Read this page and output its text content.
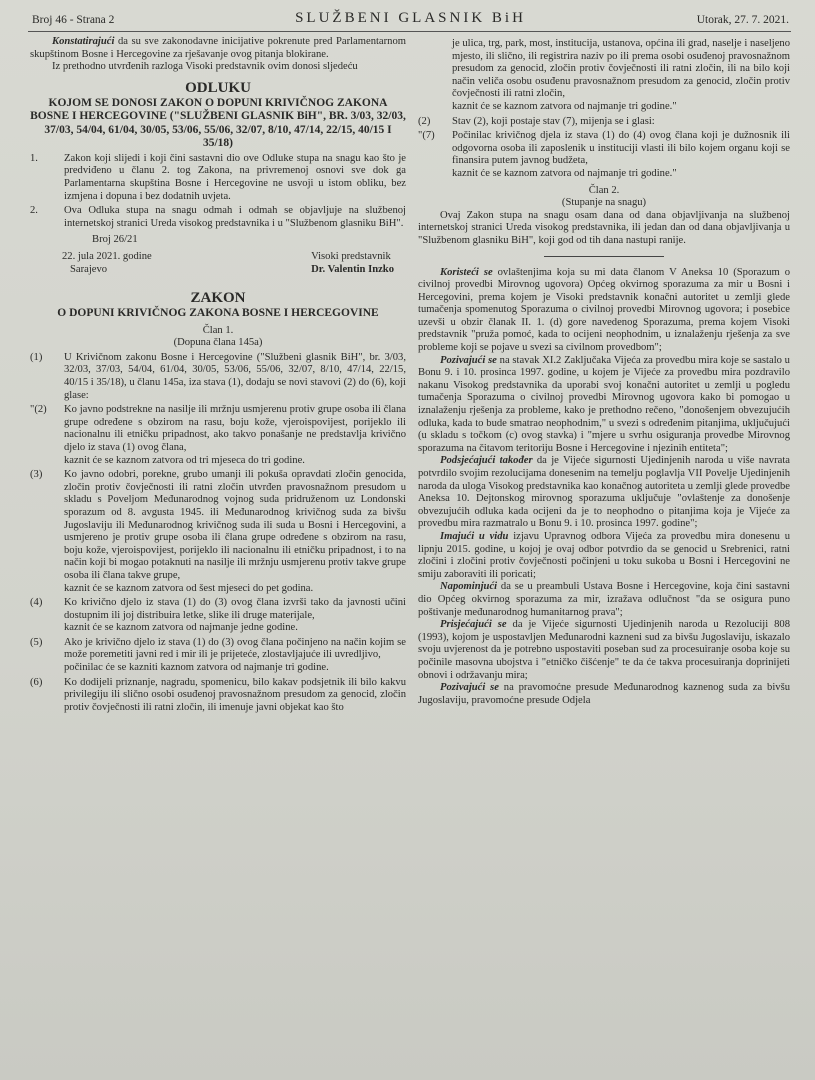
Broj 46 - Strana 2	SLUŽBENI GLASNIK BiH	Utorak, 27. 7. 2021.

Konstatirajući da su sve zakonodavne inicijative pokrenute pred Parlamentarnom skupštinom Bosne i Hercegovine za rješavanje ovog pitanja blokirane.

Iz prethodno utvrđenih razloga Visoki predstavnik ovim donosi sljedeću

ODLUKU

KOJOM SE DONOSI ZAKON O DOPUNI KRIVIČNOG ZAKONA BOSNE I HERCEGOVINE ("SLUŽBENI GLASNIK BiH", BR. 3/03, 32/03, 37/03, 54/04, 61/04, 30/05, 53/06, 55/06, 32/07, 8/10, 47/14, 22/15, 40/15 I 35/18)

1.	Zakon koji slijedi i koji čini sastavni dio ove Odluke stupa na snagu kao što je predviđeno u članu 2. tog Zakona, na privremenoj osnovi sve dok ga Parlamentarna skupština Bosne i Hercegovine ne usvoji u istom obliku, bez izmjena i dopuna i bez dodatnih uvjeta.
2.	Ova Odluka stupa na snagu odmah i odmah se objavljuje na službenoj internetskoj stranici Ureda visokog predstavnika i u "Službenom glasniku BiH".

Broj 26/21

22. jula 2021. godine
Sarajevo
Visoki predstavnik
Dr. Valentin Inzko

ZAKON

O DOPUNI KRIVIČNOG ZAKONA BOSNE I HERCEGOVINE

Član 1.

(Dopuna člana 145a)

(1)	U Krivičnom zakonu Bosne i Hercegovine ("Službeni glasnik BiH", br. 3/03, 32/03, 37/03, 54/04, 61/04, 30/05, 53/06, 55/06, 32/07, 8/10, 47/14, 22/15, 40/15 i 35/18), u članu 145a, iza stava (1), dodaju se novi stavovi (2) do (6), koji glase:
"(2)	Ko javno podstrekne na nasilje ili mržnju usmjerenu protiv grupe osoba ili člana grupe određene s obzirom na rasu, boju kože, vjeroispovijest, porijeklo ili nacionalnu ili etničku pripadnost, ako takvo ponašanje ne predstavlja krivično djelo iz stava (1) ovog člana,
kaznit će se kaznom zatvora od tri mjeseca do tri godine.
(3)	Ko javno odobri, porekne, grubo umanji ili pokuša opravdati zločin genocida, zločin protiv čovječnosti ili ratni zločin utvrđen pravosnažnom presudom u skladu s Poveljom Međunarodnog vojnog suda pridruženom uz Londonski sporazum od 8. avgusta 1945. ili Međunarodnog krivičnog suda za bivšu Jugoslaviju ili Međunarodnog krivičnog suda ili suda u Bosni i Hercegovini, a usmjereno je protiv grupe osoba ili člana grupe određene s obzirom na rasu, boju kože, vjeroispovijest, porijeklo ili nacionalnu ili etničku pripadnost, i to na način koji bi mogao potaknuti na nasilje ili mržnju usmjerenu protiv takve grupe osoba ili člana takve grupe,
kaznit će se kaznom zatvora od šest mjeseci do pet godina.
(4)	Ko krivično djelo iz stava (1) do (3) ovog člana izvrši tako da javnosti učini dostupnim ili joj distribuira letke, slike ili druge materijale,
kaznit će se kaznom zatvora od najmanje jedne godine.
(5)	Ako je krivično djelo iz stava (1) do (3) ovog člana počinjeno na način kojim se može poremetiti javni red i mir ili je prijeteće, zlostavljajuće ili uvredljivo,
počinilac će se kazniti kaznom zatvora od najmanje tri godine.
(6)	Ko dodijeli priznanje, nagradu, spomenicu, bilo kakav podsjetnik ili bilo kakvu privilegiju ili slično osobi osuđenoj pravosnažnom presudom za genocid, zločin protiv čovječnosti ili ratni zločin, ili imenuje javni objekat kao što
je ulica, trg, park, most, institucija, ustanova, općina ili grad, naselje i naseljeno mjesto, ili slično, ili registrira naziv po ili prema osobi osuđenoj pravosnažnom presudom za genocid, zločin protiv čovječnosti ili ratni zločin, ili na bilo koji način veliča osobu osuđenu pravosnažnom presudom za genocid, zločin protiv čovječnosti ili ratni zločin,
kaznit će se kaznom zatvora od najmanje tri godine."
(2)	Stav (2), koji postaje stav (7), mijenja se i glasi:
"(7)	Počinilac krivičnog djela iz stava (1) do (4) ovog člana koji je dužnosnik ili odgovorna osoba ili zaposlenik u instituciji vlasti ili bilo kojem organu koji se finansira putem javnog budžeta,
kaznit će se kaznom zatvora od najmanje tri godine."

Član 2.

(Stupanje na snagu)

Ovaj Zakon stupa na snagu osam dana od dana objavljivanja na službenoj internetskoj stranici Ureda visokog predstavnika, ili jedan dan od dana objavljivanja u "Službenom glasniku BiH", koji god od tih dana nastupi ranije.

Koristeći se ovlaštenjima koja su mi data članom V Aneksa 10 (Sporazum o civilnoj provedbi Mirovnog ugovora) Općeg okvirnog sporazuma za mir u Bosni i Hercegovini, prema kojem je Visoki predstavnik konačni autoritet u zemlji glede tumačenja spomenutog Sporazuma o civilnoj provedbi Mirovnog ugovora; i posebice uzevši u obzir članak II. 1. (d) gore navedenog Sporazuma, prema kojem Visoki predstavnik "pruža pomoć, kada to ocijeni neophodnim, u iznalaženju rješenja za sve probleme koji se pojave u svezi sa civilnom provedbom";

Pozivajući se na stavak XI.2 Zaključaka Vijeća za provedbu mira koje se sastalo u Bonu 9. i 10. prosinca 1997. godine, u kojem je Vijeće za provedbu mira pozdravilo nakanu Visokog predstavnika da uporabi svoj konačni autoritet u zemlji u pogledu tumačenja Sporazuma o civilnoj provedbi Mirovnog ugovora kako bi pomogao u iznalaženju rješenja za probleme, kako je prethodno rečeno, "donošenjem obvezujućih odluka, kada to bude smatrao neophodnim," u svezi s određenim pitanjima, uključujući (u skladu s točkom (c) ovog stavka) i "mjere u svrhu osiguranja provedbe Mirovnog sporazuma na čitavom teritoriju Bosne i Hercegovine i njezinih entiteta";

Podsjećajući također da je Vijeće sigurnosti Ujedinjenih naroda u više navrata potvrdilo svojim rezolucijama donesenim na temelju poglavlja VII Povelje Ujedinjenih naroda da uloga Visokog predstavnika kao konačnog autoriteta u zemlji glede provedbe Aneksa 10. Dejtonskog mirovnog sporazuma uključuje "ovlaštenje za donošenje obvezujućih odluka kada ocijeni da je to neophodno o pitanjima koja je Vijeće za provedbu mira razmatralo u Bonu 9. i 10. prosinca 1997. godine";

Imajući u vidu izjavu Upravnog odbora Vijeća za provedbu mira donesenu u lipnju 2015. godine, u kojoj je ovaj odbor potvrdio da se genocid u Srebrenici, ratni zločini i zločini protiv čovječnosti počinjeni u toku sukoba u Bosni i Hercegovini ne smiju zaboraviti ili poricati;

Napominjući da se u preambuli Ustava Bosne i Hercegovine, koja čini sastavni dio Općeg okvirnog sporazuma za mir, izražava odlučnost "da se osigura puno poštivanje međunarodnog humanitarnog prava";

Prisjećajući se da je Vijeće sigurnosti Ujedinjenih naroda u Rezoluciji 808 (1993), kojom je uspostavljen Međunarodni kazneni sud za bivšu Jugoslaviju, iskazalo svoju uvjerenost da je potrebno uspostaviti poseban sud za procesuiranje osoba koje su počinile masovna ubojstva i "etničko čišćenje" te da će takva procesuiranja doprinijeti obnovi i održavanju mira;

Pozivajući se na pravomoćne presude Međunarodnog kaznenog suda za bivšu Jugoslaviju, pravomoćne presude Odjela
